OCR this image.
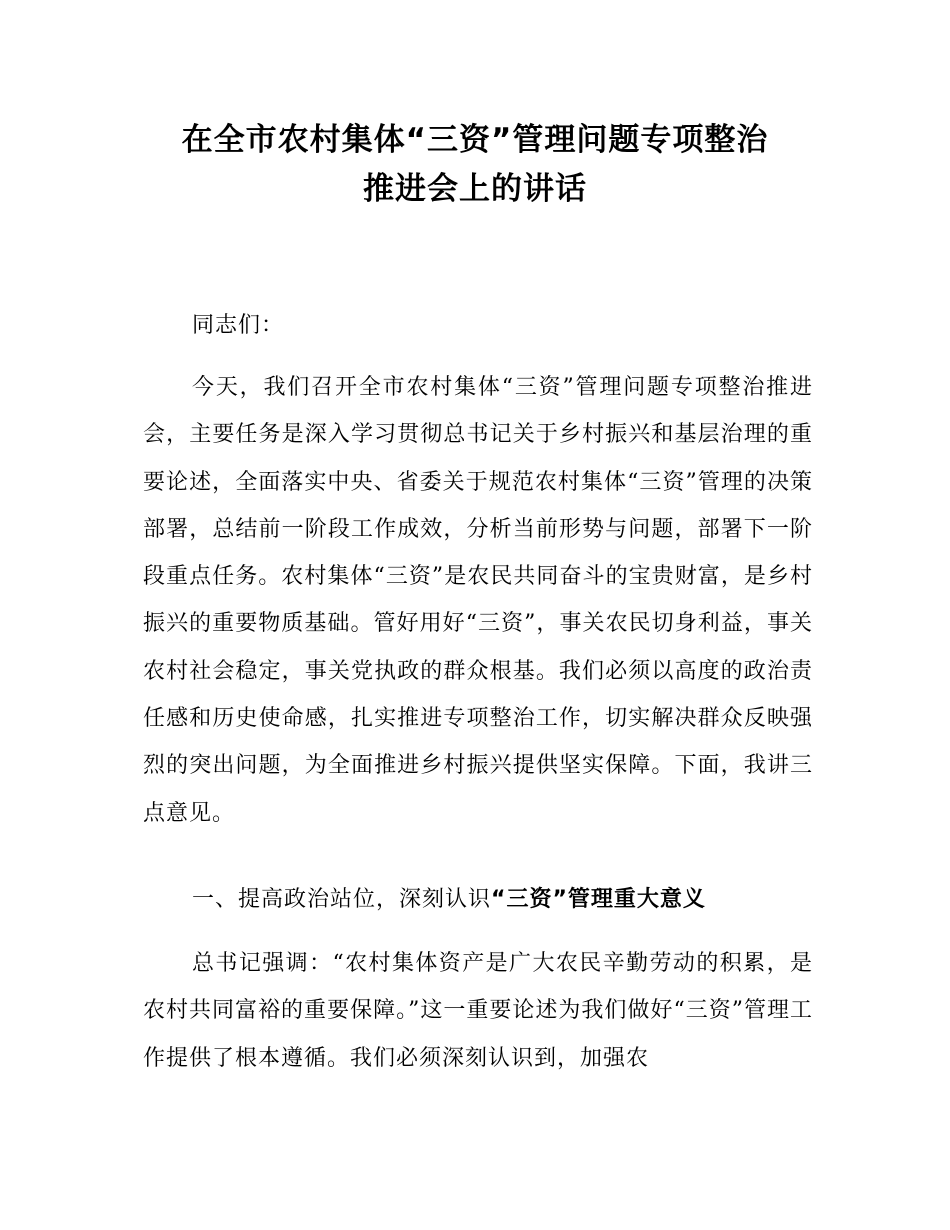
在全市农村集体“三资”管理问题专项整治
推进会上的讲话

同志们：

今天，我们召开全市农村集体“三资”管理问题专项整治推进会，主要任务是深入学习贯彻总书记关于乡村振兴和基层治理的重要论述，全面落实中央、省委关于规范农村集体“三资”管理的决策部署，总结前一阶段工作成效，分析当前形势与问题，部署下一阶段重点任务。农村集体“三资”是农民共同奋斗的宝贵财富，是乡村振兴的重要物质基础。管好用好“三资”，事关农民切身利益，事关农村社会稳定，事关党执政的群众根基。我们必须以高度的政治责任感和历史使命感，扎实推进专项整治工作，切实解决群众反映强烈的突出问题，为全面推进乡村振兴提供坚实保障。下面，我讲三点意见。

一、提高政治站位，深刻认识“三资”管理重大意义

总书记强调：“农村集体资产是广大农民辛勤劳动的积累，是农村共同富裕的重要保障。”这一重要论述为我们做好“三资”管理工作提供了根本遵循。我们必须深刻认识到，加强农
